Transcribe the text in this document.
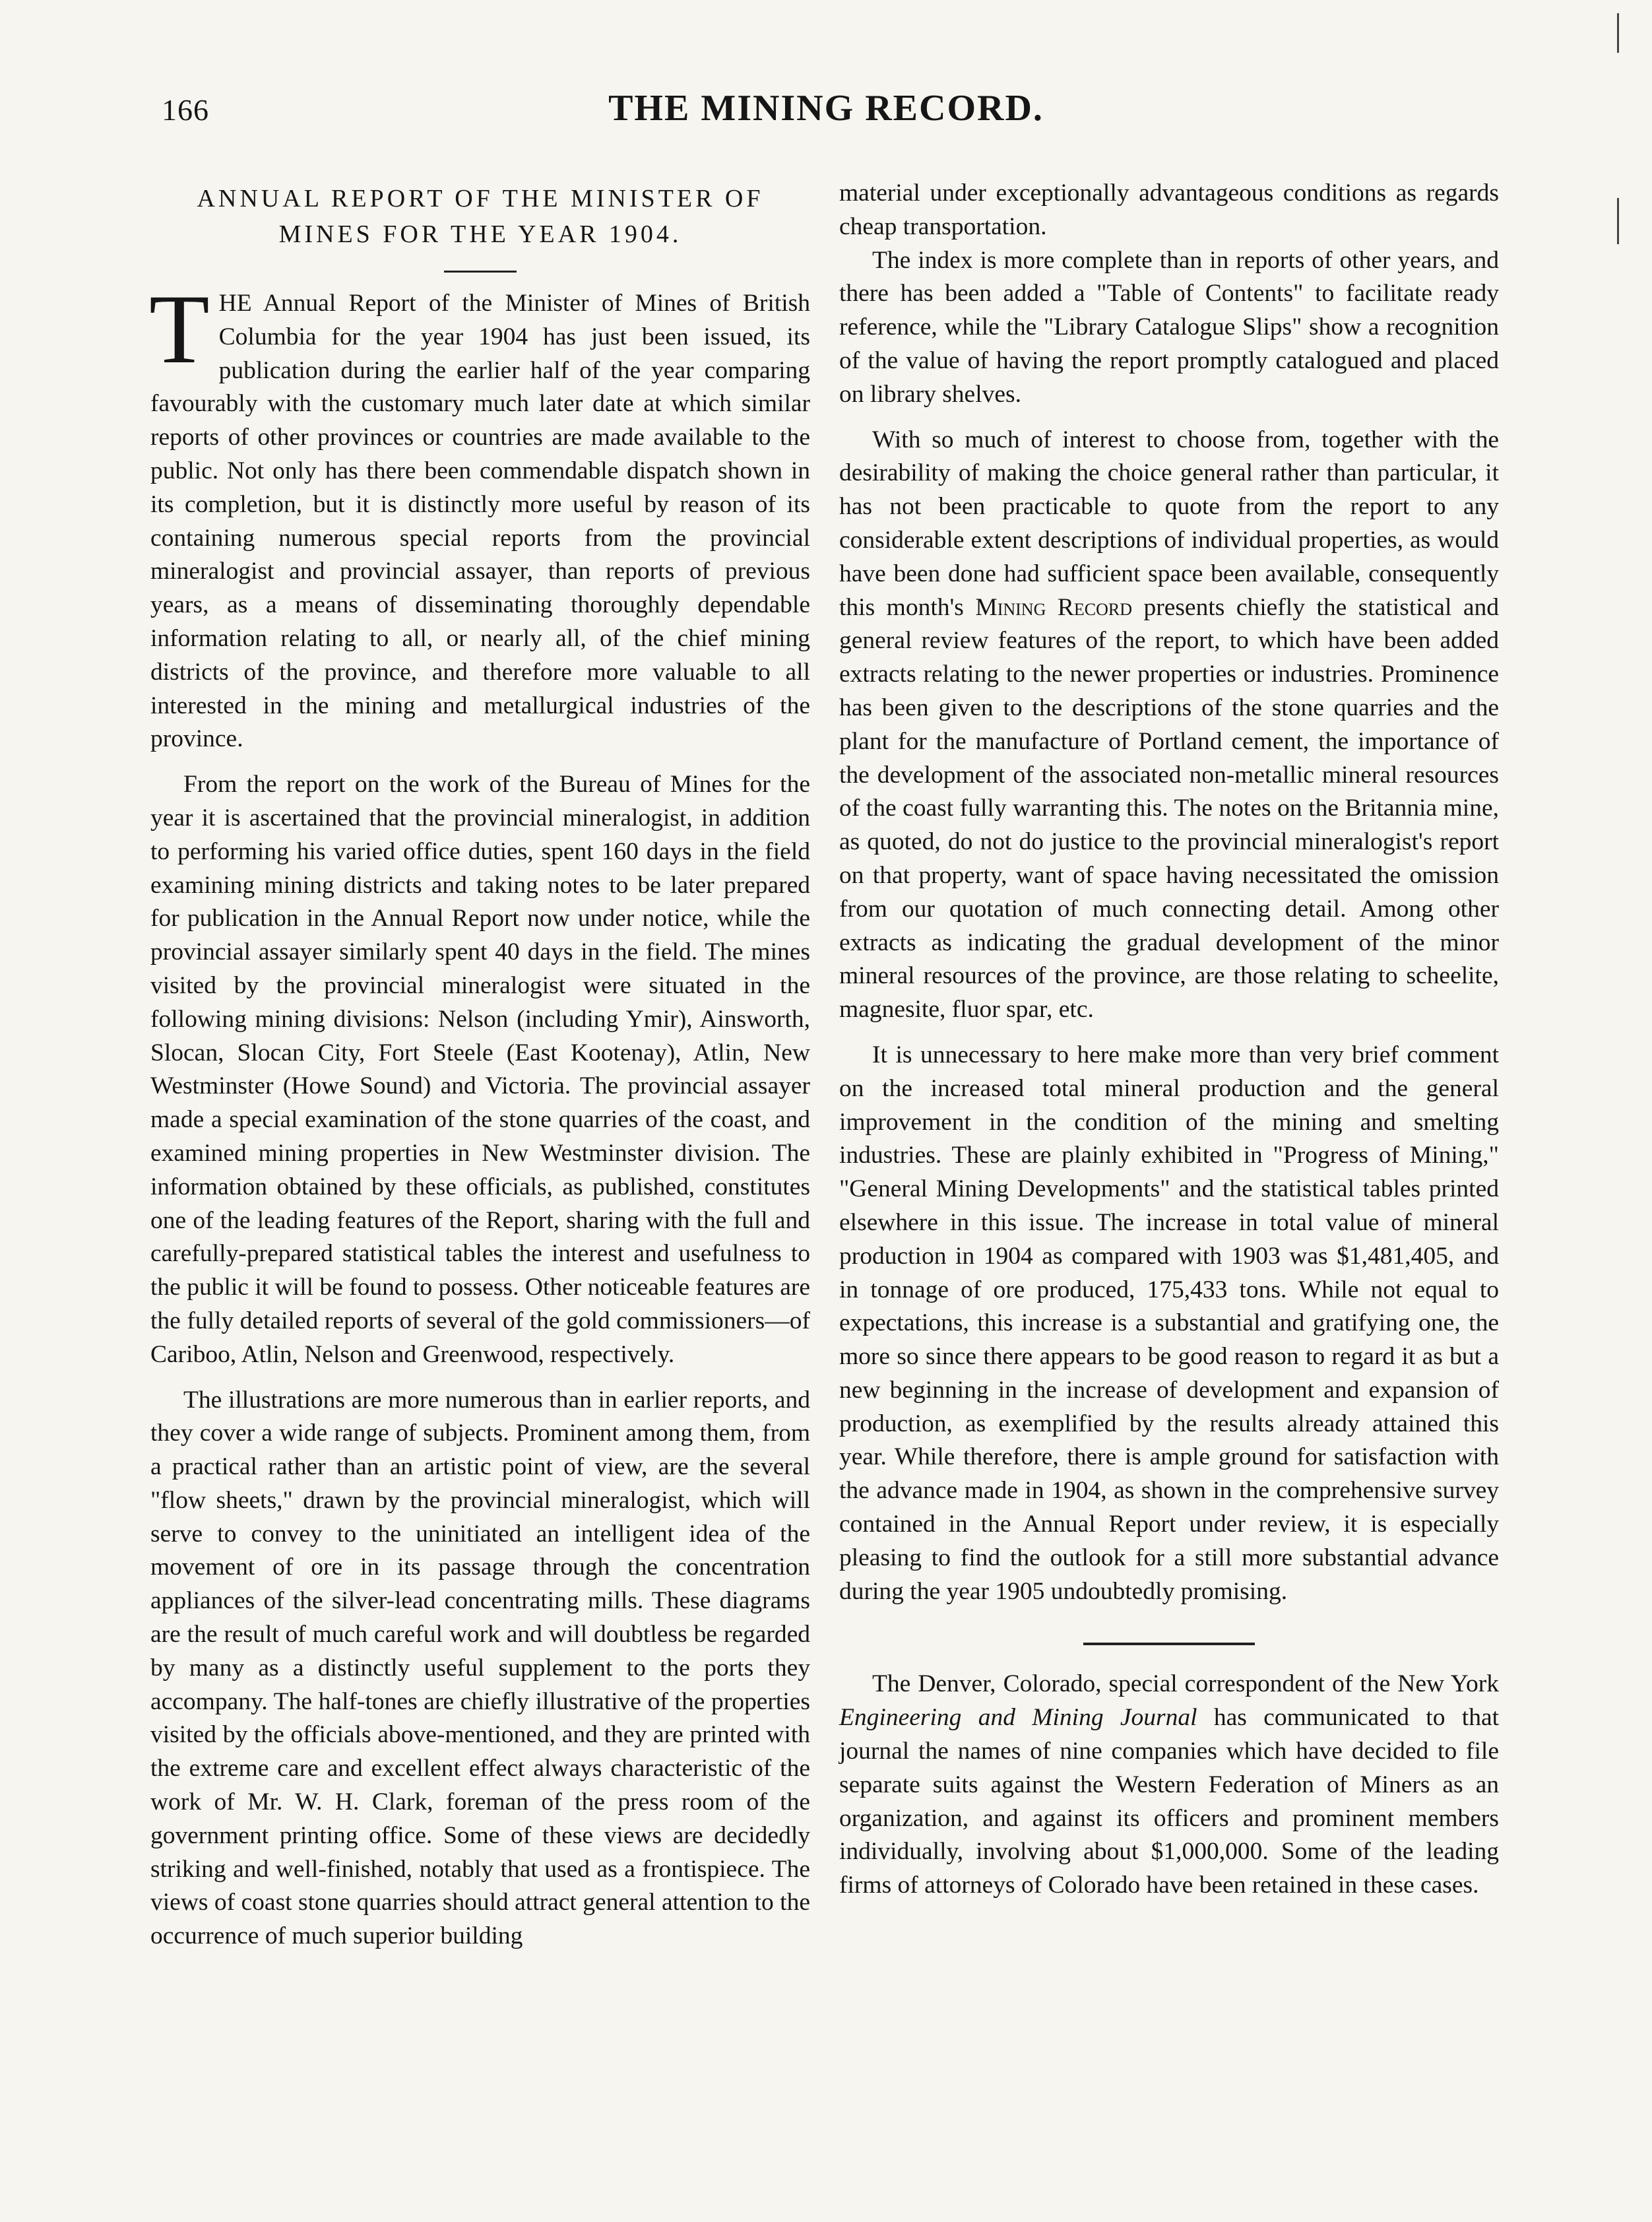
166	THE MINING RECORD.
ANNUAL REPORT OF THE MINISTER OF
MINES FOR THE YEAR 1904.

THE Annual Report of the Minister of Mines of British Columbia for the year 1904 has just been issued, its publication during the earlier half of the year comparing favourably with the customary much later date at which similar reports of other provinces or countries are made available to the public. Not only has there been commendable dispatch shown in its completion, but it is distinctly more useful by reason of its containing numerous special reports from the provincial mineralogist and provincial assayer, than reports of previous years, as a means of disseminating thoroughly dependable information relating to all, or nearly all, of the chief mining districts of the province, and therefore more valuable to all interested in the mining and metallurgical industries of the province.

From the report on the work of the Bureau of Mines for the year it is ascertained that the provincial mineralogist, in addition to performing his varied office duties, spent 160 days in the field examining mining districts and taking notes to be later prepared for publication in the Annual Report now under notice, while the provincial assayer similarly spent 40 days in the field. The mines visited by the provincial mineralogist were situated in the following mining divisions: Nelson (including Ymir), Ainsworth, Slocan, Slocan City, Fort Steele (East Kootenay), Atlin, New Westminster (Howe Sound) and Victoria. The provincial assayer made a special examination of the stone quarries of the coast, and examined mining properties in New Westminster division. The information obtained by these officials, as published, constitutes one of the leading features of the Report, sharing with the full and carefully-prepared statistical tables the interest and usefulness to the public it will be found to possess. Other noticeable features are the fully detailed reports of several of the gold commissioners—of Cariboo, Atlin, Nelson and Greenwood, respectively.

The illustrations are more numerous than in earlier reports, and they cover a wide range of subjects. Prominent among them, from a practical rather than an artistic point of view, are the several "flow sheets," drawn by the provincial mineralogist, which will serve to convey to the uninitiated an intelligent idea of the movement of ore in its passage through the concentration appliances of the silver-lead concentrating mills. These diagrams are the result of much careful work and will doubtless be regarded by many as a distinctly useful supplement to the ports they accompany. The half-tones are chiefly illustrative of the properties visited by the officials above-mentioned, and they are printed with the extreme care and excellent effect always characteristic of the work of Mr. W. H. Clark, foreman of the press room of the government printing office. Some of these views are decidedly striking and well-finished, notably that used as a frontispiece. The views of coast stone quarries should attract general attention to the occurrence of much superior building

material under exceptionally advantageous conditions as regards cheap transportation.

The index is more complete than in reports of other years, and there has been added a "Table of Contents" to facilitate ready reference, while the "Library Catalogue Slips" show a recognition of the value of having the report promptly catalogued and placed on library shelves.

With so much of interest to choose from, together with the desirability of making the choice general rather than particular, it has not been practicable to quote from the report to any considerable extent descriptions of individual properties, as would have been done had sufficient space been available, consequently this month's Mining Record presents chiefly the statistical and general review features of the report, to which have been added extracts relating to the newer properties or industries. Prominence has been given to the descriptions of the stone quarries and the plant for the manufacture of Portland cement, the importance of the development of the associated non-metallic mineral resources of the coast fully warranting this. The notes on the Britannia mine, as quoted, do not do justice to the provincial mineralogist's report on that property, want of space having necessitated the omission from our quotation of much connecting detail. Among other extracts as indicating the gradual development of the minor mineral resources of the province, are those relating to scheelite, magnesite, fluor spar, etc.

It is unnecessary to here make more than very brief comment on the increased total mineral production and the general improvement in the condition of the mining and smelting industries. These are plainly exhibited in "Progress of Mining," "General Mining Developments" and the statistical tables printed elsewhere in this issue. The increase in total value of mineral production in 1904 as compared with 1903 was $1,481,405, and in tonnage of ore produced, 175,433 tons. While not equal to expectations, this increase is a substantial and gratifying one, the more so since there appears to be good reason to regard it as but a new beginning in the increase of development and expansion of production, as exemplified by the results already attained this year. While therefore, there is ample ground for satisfaction with the advance made in 1904, as shown in the comprehensive survey contained in the Annual Report under review, it is especially pleasing to find the outlook for a still more substantial advance during the year 1905 undoubtedly promising.

The Denver, Colorado, special correspondent of the New York Engineering and Mining Journal has communicated to that journal the names of nine companies which have decided to file separate suits against the Western Federation of Miners as an organization, and against its officers and prominent members individually, involving about $1,000,000. Some of the leading firms of attorneys of Colorado have been retained in these cases.
